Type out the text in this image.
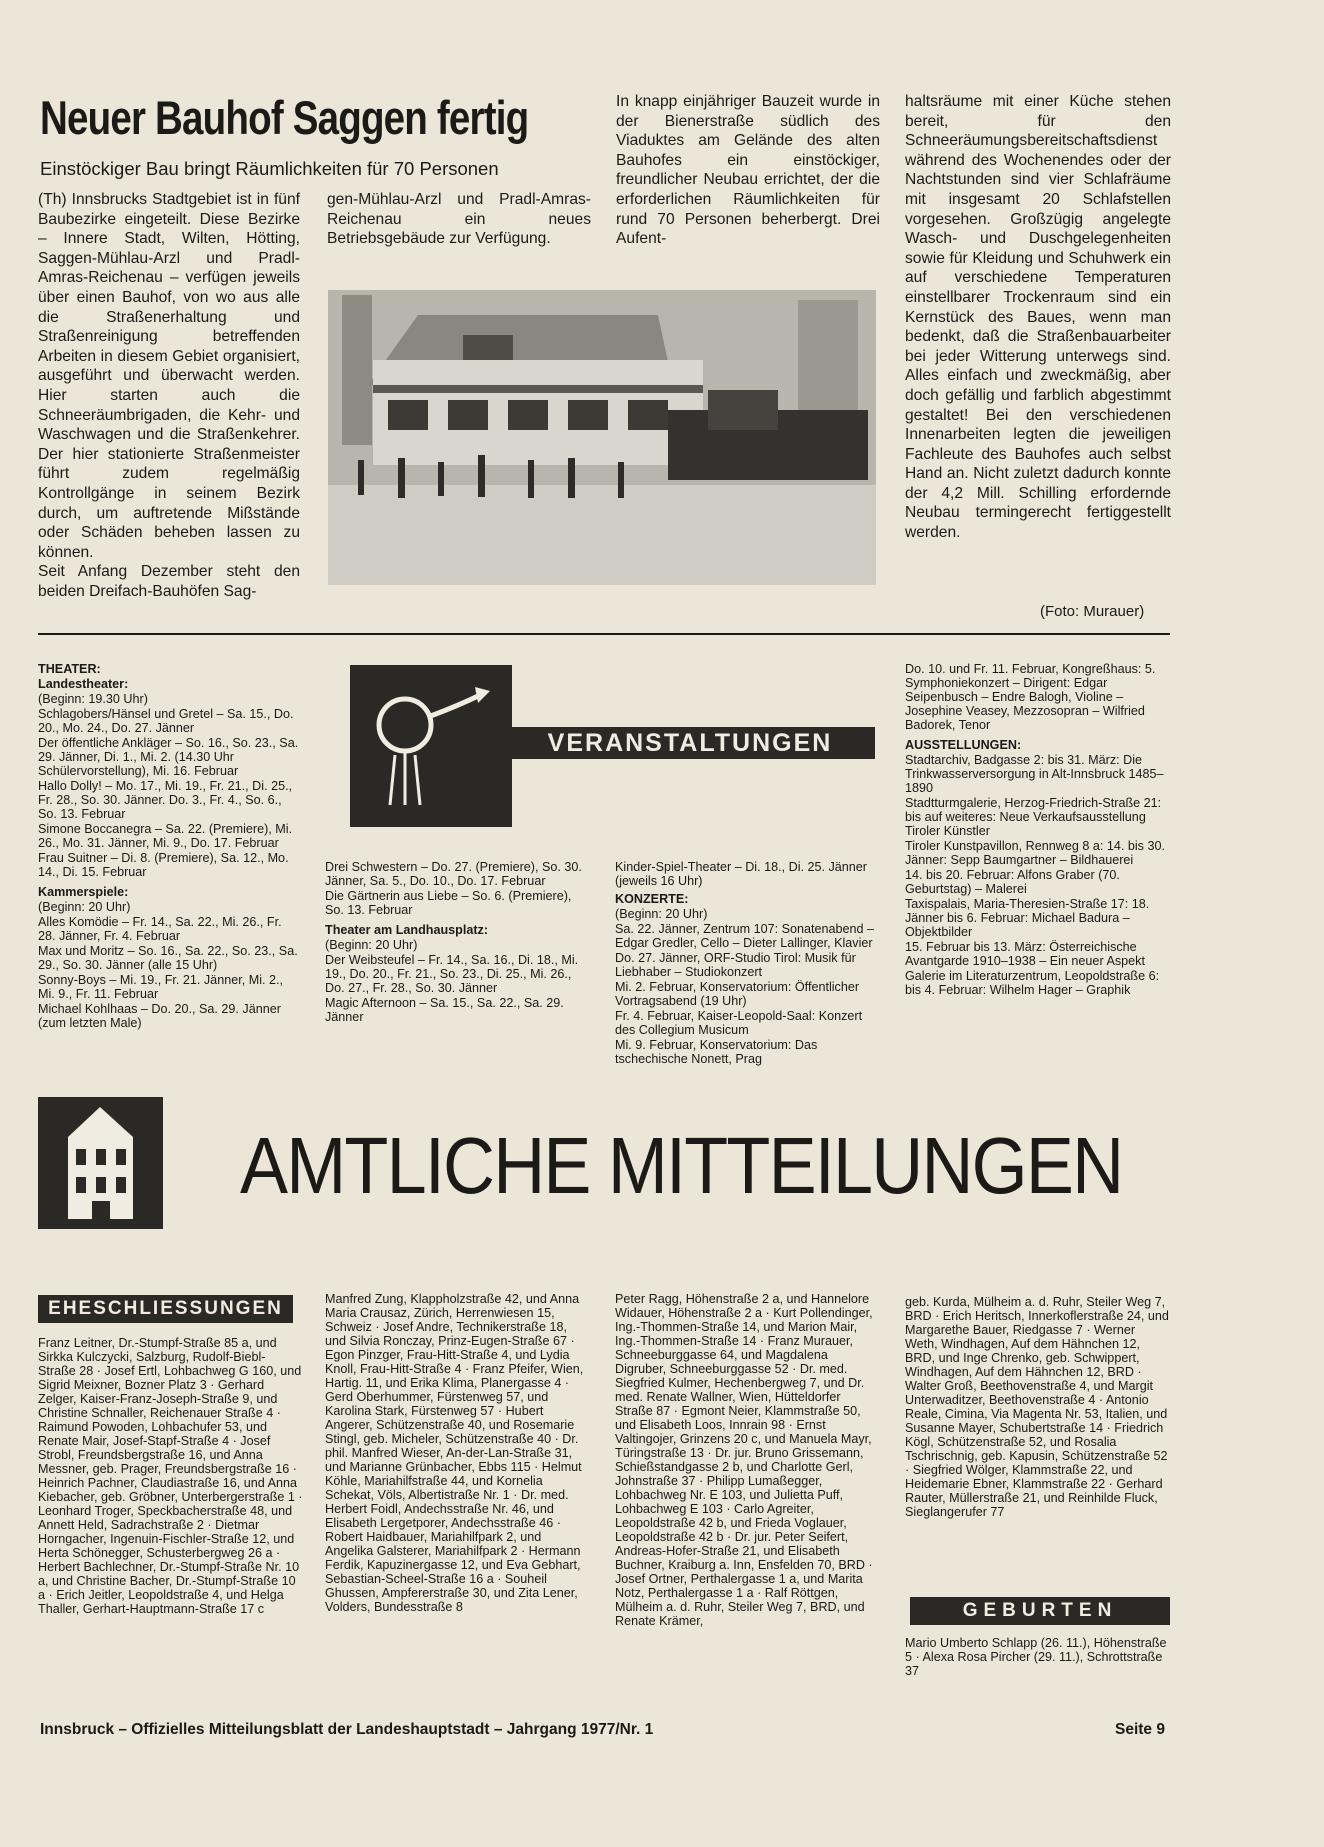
Neuer Bauhof Saggen fertig
Einstöckiger Bau bringt Räumlichkeiten für 70 Personen

(Th) Innsbrucks Stadtgebiet ist in fünf Baubezirke eingeteilt. Diese Bezirke – Innere Stadt, Wilten, Hötting, Saggen-Mühlau-Arzl und Pradl-Amras-Reichenau – verfügen jeweils über einen Bauhof, von wo aus alle die Straßenerhaltung und Straßenreinigung betreffenden Arbeiten in diesem Gebiet organisiert, ausgeführt und überwacht werden. Hier starten auch die Schneeräumbrigaden, die Kehr- und Waschwagen und die Straßenkehrer. Der hier stationierte Straßenmeister führt zudem regelmäßig Kontrollgänge in seinem Bezirk durch, um auftretende Mißstände oder Schäden beheben lassen zu können.

Seit Anfang Dezember steht den beiden Dreifach-Bauhöfen Sag-

gen-Mühlau-Arzl und Pradl-Amras-Reichenau ein neues Betriebsgebäude zur Verfügung.
In knapp einjähriger Bauzeit wurde in der Bienerstraße südlich des Viaduktes am Gelände des alten Bauhofes ein einstöckiger, freundlicher Neubau errichtet, der die erforderlichen Räumlichkeiten für rund 70 Personen beherbergt. Drei Aufent-
haltsräume mit einer Küche stehen bereit, für den Schneeräumungsbereitschaftsdienst während des Wochenendes oder der Nachtstunden sind vier Schlafräume mit insgesamt 20 Schlafstellen vorgesehen. Großzügig angelegte Wasch- und Duschgelegenheiten sowie für Kleidung und Schuhwerk ein auf verschiedene Temperaturen einstellbarer Trockenraum sind ein Kernstück des Baues, wenn man bedenkt, daß die Straßenbauarbeiter bei jeder Witterung unterwegs sind. Alles einfach und zweckmäßig, aber doch gefällig und farblich abgestimmt gestaltet! Bei den verschiedenen Innenarbeiten legten die jeweiligen Fachleute des Bauhofes auch selbst Hand an. Nicht zuletzt dadurch konnte der 4,2 Mill. Schilling erfordernde Neubau termingerecht fertiggestellt werden.
(Foto: Murauer)

THEATER:

Landestheater:

(Beginn: 19.30 Uhr)

Schlagobers/Hänsel und Gretel – Sa. 15., Do. 20., Mo. 24., Do. 27. Jänner

Der öffentliche Ankläger – So. 16., So. 23., Sa. 29. Jänner, Di. 1., Mi. 2. (14.30 Uhr Schülervorstellung), Mi. 16. Februar

Hallo Dolly! – Mo. 17., Mi. 19., Fr. 21., Di. 25., Fr. 28., So. 30. Jänner. Do. 3., Fr. 4., So. 6., So. 13. Februar

Simone Boccanegra – Sa. 22. (Premiere), Mi. 26., Mo. 31. Jänner, Mi. 9., Do. 17. Februar

Frau Suitner – Di. 8. (Premiere), Sa. 12., Mo. 14., Di. 15. Februar

Kammerspiele:

(Beginn: 20 Uhr)

Alles Komödie – Fr. 14., Sa. 22., Mi. 26., Fr. 28. Jänner, Fr. 4. Februar

Max und Moritz – So. 16., Sa. 22., So. 23., Sa. 29., So. 30. Jänner (alle 15 Uhr)

Sonny-Boys – Mi. 19., Fr. 21. Jänner, Mi. 2., Mi. 9., Fr. 11. Februar

Michael Kohlhaas – Do. 20., Sa. 29. Jänner (zum letzten Male)

VERANSTALTUNGEN

Drei Schwestern – Do. 27. (Premiere), So. 30. Jänner, Sa. 5., Do. 10., Do. 17. Februar

Die Gärtnerin aus Liebe – So. 6. (Premiere), So. 13. Februar

Theater am Landhausplatz:

(Beginn: 20 Uhr)

Der Weibsteufel – Fr. 14., Sa. 16., Di. 18., Mi. 19., Do. 20., Fr. 21., So. 23., Di. 25., Mi. 26., Do. 27., Fr. 28., So. 30. Jänner

Magic Afternoon – Sa. 15., Sa. 22., Sa. 29. Jänner

Kinder-Spiel-Theater – Di. 18., Di. 25. Jänner (jeweils 16 Uhr)

KONZERTE:

(Beginn: 20 Uhr)

Sa. 22. Jänner, Zentrum 107: Sonatenabend – Edgar Gredler, Cello – Dieter Lallinger, Klavier

Do. 27. Jänner, ORF-Studio Tirol: Musik für Liebhaber – Studiokonzert

Mi. 2. Februar, Konservatorium: Öffentlicher Vortragsabend (19 Uhr)

Fr. 4. Februar, Kaiser-Leopold-Saal: Konzert des Collegium Musicum

Mi. 9. Februar, Konservatorium: Das tschechische Nonett, Prag

Do. 10. und Fr. 11. Februar, Kongreßhaus: 5. Symphoniekonzert – Dirigent: Edgar Seipenbusch – Endre Balogh, Violine – Josephine Veasey, Mezzosopran – Wilfried Badorek, Tenor

AUSSTELLUNGEN:

Stadtarchiv, Badgasse 2: bis 31. März: Die Trinkwasserversorgung in Alt-Innsbruck 1485–1890

Stadtturmgalerie, Herzog-Friedrich-Straße 21: bis auf weiteres: Neue Verkaufsausstellung Tiroler Künstler

Tiroler Kunstpavillon, Rennweg 8 a: 14. bis 30. Jänner: Sepp Baumgartner – Bildhauerei

14. bis 20. Februar: Alfons Graber (70. Geburtstag) – Malerei

Taxispalais, Maria-Theresien-Straße 17: 18. Jänner bis 6. Februar: Michael Badura – Objektbilder

15. Februar bis 13. März: Österreichische Avantgarde 1910–1938 – Ein neuer Aspekt

Galerie im Literaturzentrum, Leopoldstraße 6: bis 4. Februar: Wilhelm Hager – Graphik

AMTLICHE MITTEILUNGEN
EHESCHLIESSUNGEN
Franz Leitner, Dr.-Stumpf-Straße 85 a, und Sirkka Kulczycki, Salzburg, Rudolf-Biebl-Straße 28 · Josef Ertl, Lohbachweg G 160, und Sigrid Meixner, Bozner Platz 3 · Gerhard Zelger, Kaiser-Franz-Joseph-Straße 9, und Christine Schnaller, Reichenauer Straße 4 · Raimund Powoden, Lohbachufer 53, und Renate Mair, Josef-Stapf-Straße 4 · Josef Strobl, Freundsbergstraße 16, und Anna Messner, geb. Prager, Freundsbergstraße 16 · Heinrich Pachner, Claudiastraße 16, und Anna Kiebacher, geb. Gröbner, Unterbergerstraße 1 · Leonhard Troger, Speckbacherstraße 48, und Annett Held, Sadrachstraße 2 · Dietmar Horngacher, Ingenuin-Fischler-Straße 12, und Herta Schönegger, Schusterbergweg 26 a · Herbert Bachlechner, Dr.-Stumpf-Straße Nr. 10 a, und Christine Bacher, Dr.-Stumpf-Straße 10 a · Erich Jeitler, Leopoldstraße 4, und Helga Thaller, Gerhart-Hauptmann-Straße 17 c
Manfred Zung, Klappholzstraße 42, und Anna Maria Crausaz, Zürich, Herrenwiesen 15, Schweiz · Josef Andre, Technikerstraße 18, und Silvia Ronczay, Prinz-Eugen-Straße 67 · Egon Pinzger, Frau-Hitt-Straße 4, und Lydia Knoll, Frau-Hitt-Straße 4 · Franz Pfeifer, Wien, Hartig. 11, und Erika Klima, Planergasse 4 · Gerd Oberhummer, Fürstenweg 57, und Karolina Stark, Fürstenweg 57 · Hubert Angerer, Schützenstraße 40, und Rosemarie Stingl, geb. Micheler, Schützenstraße 40 · Dr. phil. Manfred Wieser, An-der-Lan-Straße 31, und Marianne Grünbacher, Ebbs 115 · Helmut Köhle, Mariahilfstraße 44, und Kornelia Schekat, Völs, Albertistraße Nr. 1 · Dr. med. Herbert Foidl, Andechsstraße Nr. 46, und Elisabeth Lergetporer, Andechsstraße 46 · Robert Haidbauer, Mariahilfpark 2, und Angelika Galsterer, Mariahilfpark 2 · Hermann Ferdik, Kapuzinergasse 12, und Eva Gebhart, Sebastian-Scheel-Straße 16 a · Souheil Ghussen, Ampfererstraße 30, und Zita Lener, Volders, Bundesstraße 8
Peter Ragg, Höhenstraße 2 a, und Hannelore Widauer, Höhenstraße 2 a · Kurt Pollendinger, Ing.-Thommen-Straße 14, und Marion Mair, Ing.-Thommen-Straße 14 · Franz Murauer, Schneeburggasse 64, und Magdalena Digruber, Schneeburggasse 52 · Dr. med. Siegfried Kulmer, Hechenbergweg 7, und Dr. med. Renate Wallner, Wien, Hütteldorfer Straße 87 · Egmont Neier, Klammstraße 50, und Elisabeth Loos, Innrain 98 · Ernst Valtingojer, Grinzens 20 c, und Manuela Mayr, Türingstraße 13 · Dr. jur. Bruno Grissemann, Schießstandgasse 2 b, und Charlotte Gerl, Johnstraße 37 · Philipp Lumaßegger, Lohbachweg Nr. E 103, und Julietta Puff, Lohbachweg E 103 · Carlo Agreiter, Leopoldstraße 42 b, und Frieda Voglauer, Leopoldstraße 42 b · Dr. jur. Peter Seifert, Andreas-Hofer-Straße 21, und Elisabeth Buchner, Kraiburg a. Inn, Ensfelden 70, BRD · Josef Ortner, Perthalergasse 1 a, und Marita Notz, Perthalergasse 1 a · Ralf Röttgen, Mülheim a. d. Ruhr, Steiler Weg 7, BRD, und Renate Krämer,
geb. Kurda, Mülheim a. d. Ruhr, Steiler Weg 7, BRD · Erich Heritsch, Innerkoflerstraße 24, und Margarethe Bauer, Riedgasse 7 · Werner Weth, Windhagen, Auf dem Hähnchen 12, BRD, und Inge Chrenko, geb. Schwippert, Windhagen, Auf dem Hähnchen 12, BRD · Walter Groß, Beethovenstraße 4, und Margit Unterwaditzer, Beethovenstraße 4 · Antonio Reale, Cimina, Via Magenta Nr. 53, Italien, und Susanne Mayer, Schubertstraße 14 · Friedrich Kögl, Schützenstraße 52, und Rosalia Tschrischnig, geb. Kapusin, Schützenstraße 52 · Siegfried Wölger, Klammstraße 22, und Heidemarie Ebner, Klammstraße 22 · Gerhard Rauter, Müllerstraße 21, und Reinhilde Fluck, Sieglangerufer 77
GEBURTEN
Mario Umberto Schlapp (26. 11.), Höhenstraße 5 · Alexa Rosa Pircher (29. 11.), Schrottstraße 37
Innsbruck – Offizielles Mitteilungsblatt der Landeshauptstadt – Jahrgang 1977/Nr. 1	Seite 9
